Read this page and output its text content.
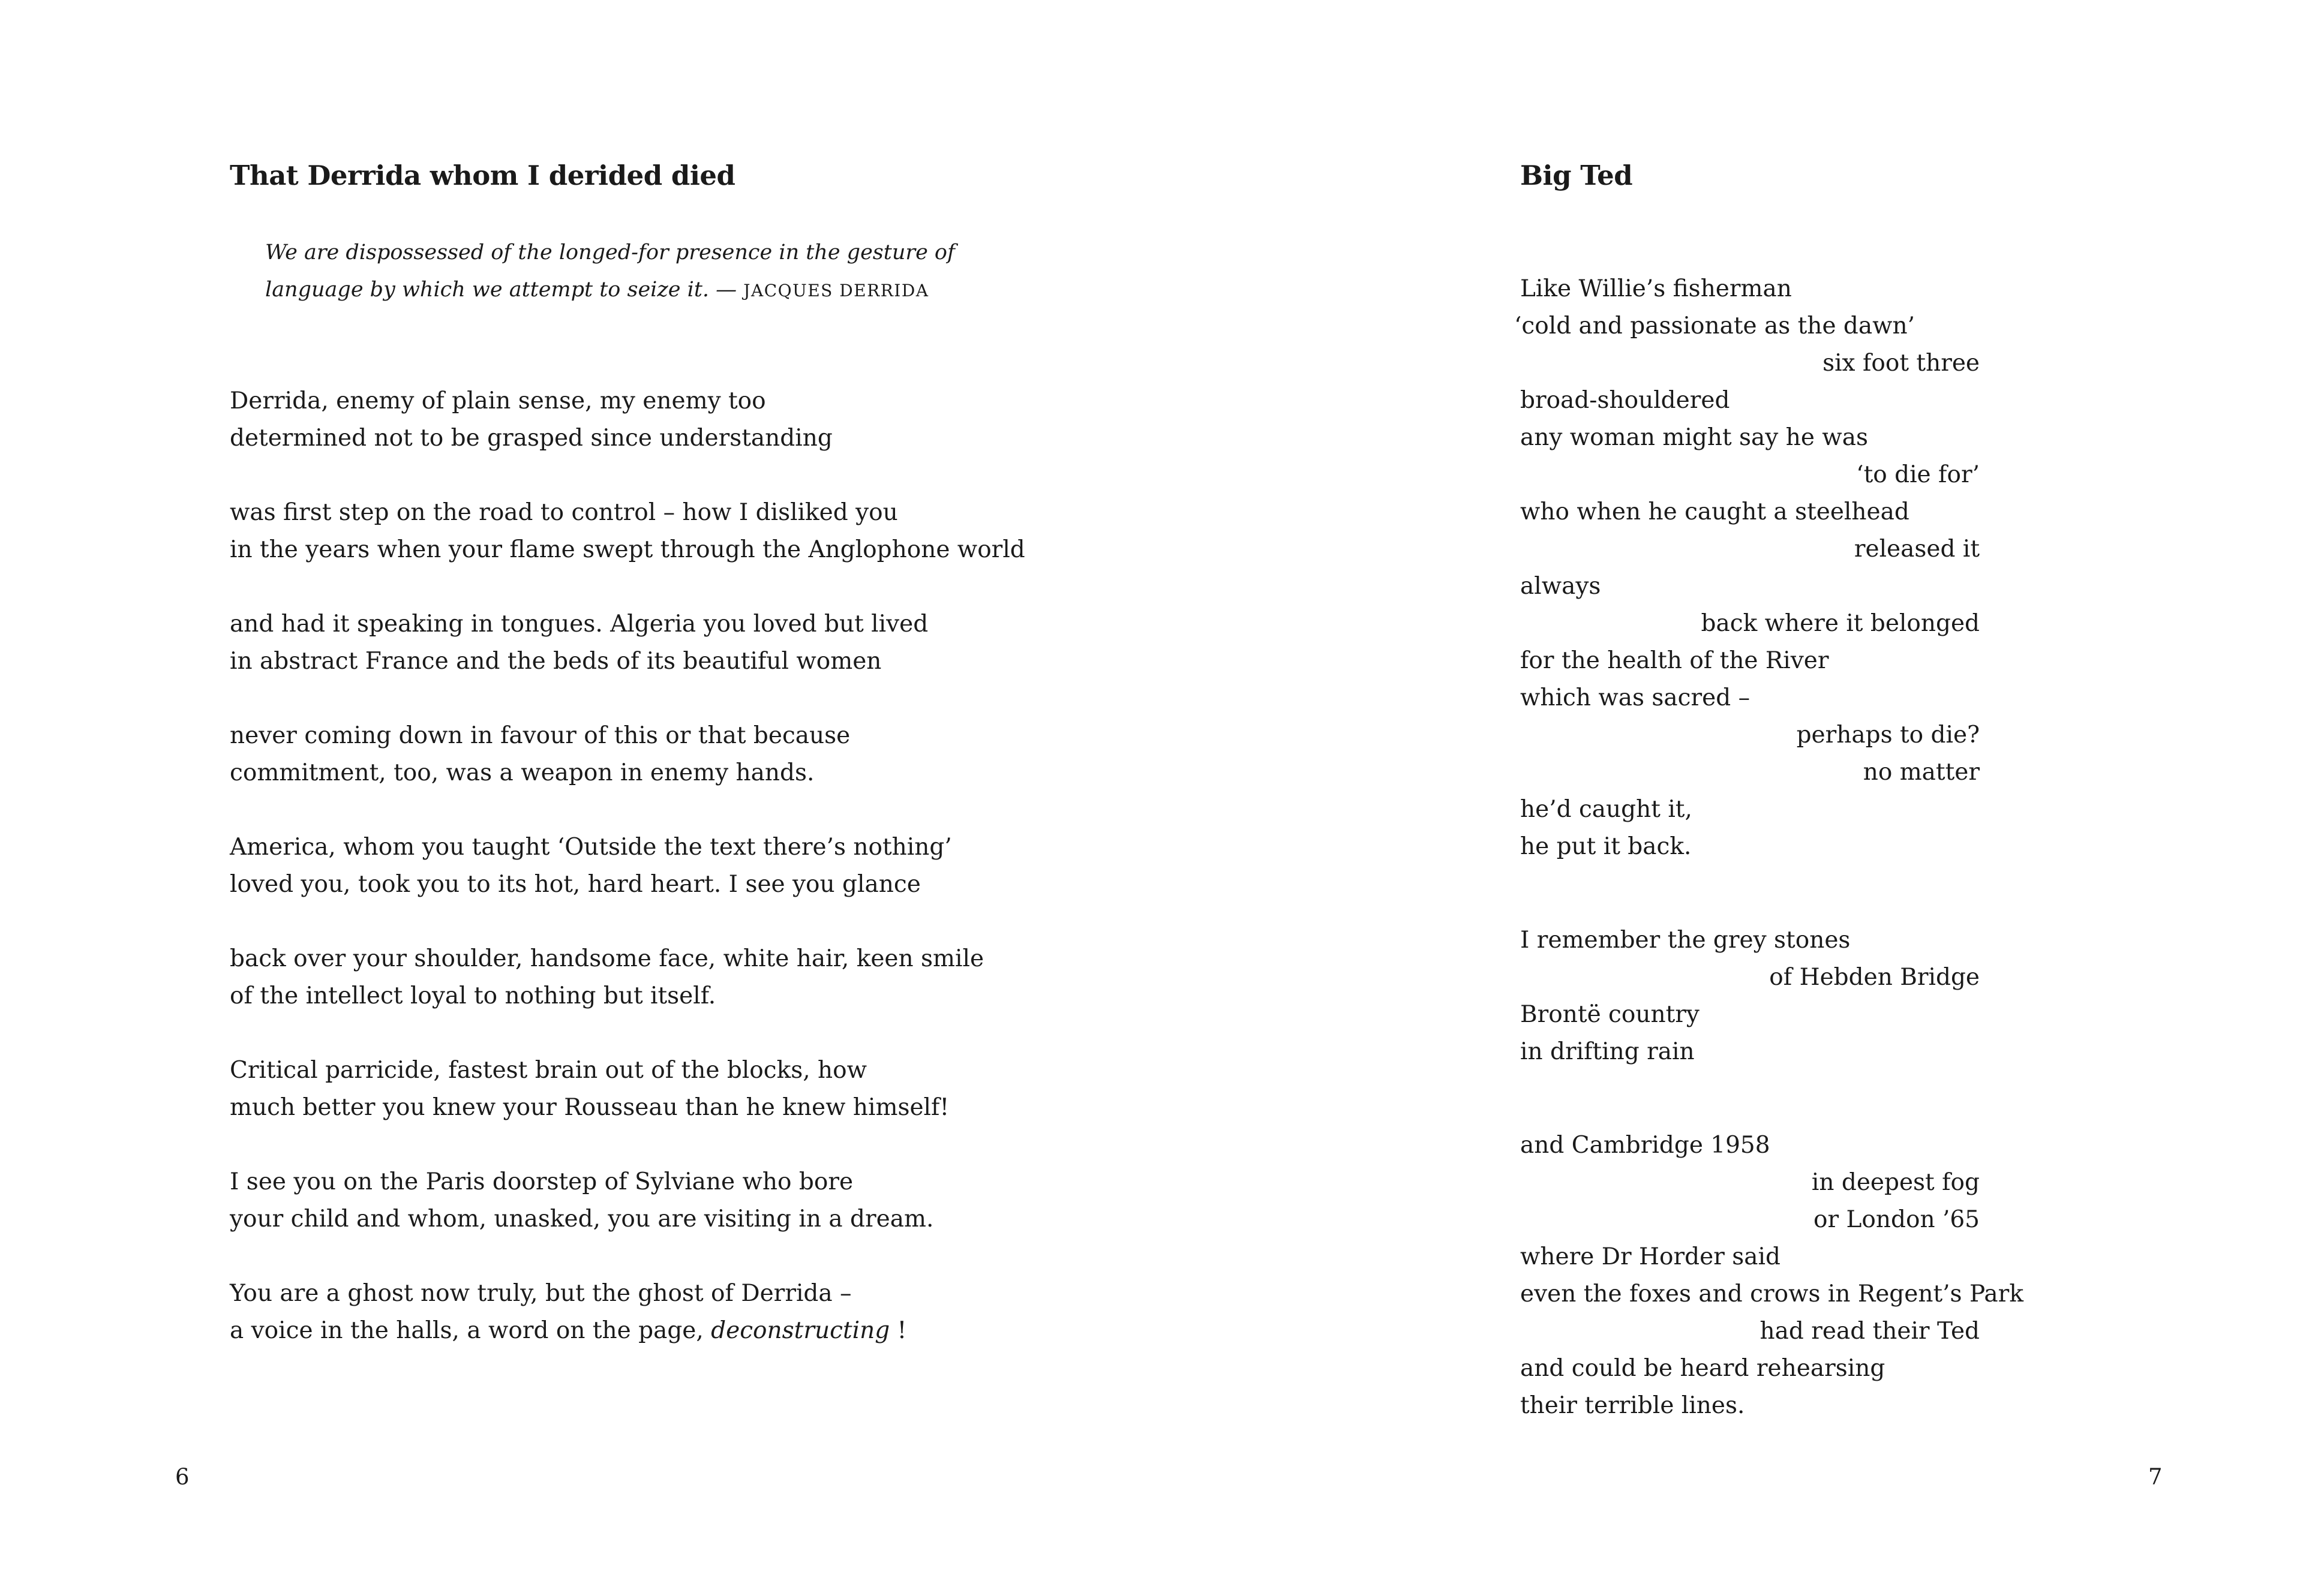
That Derrida whom I derided died
We are dispossessed of the longed-for presence in the gesture of
language by which we attempt to seize it. — JACQUES DERRIDA
Derrida, enemy of plain sense, my enemy too
determined not to be grasped since understanding
was first step on the road to control – how I disliked you
in the years when your flame swept through the Anglophone world
and had it speaking in tongues. Algeria you loved but lived
in abstract France and the beds of its beautiful women
never coming down in favour of this or that because
commitment, too, was a weapon in enemy hands.
America, whom you taught ‘Outside the text there’s nothing’
loved you, took you to its hot, hard heart. I see you glance
back over your shoulder, handsome face, white hair, keen smile
of the intellect loyal to nothing but itself.
Critical parricide, fastest brain out of the blocks, how
much better you knew your Rousseau than he knew himself!
I see you on the Paris doorstep of Sylviane who bore
your child and whom, unasked, you are visiting in a dream.
You are a ghost now truly, but the ghost of Derrida –
a voice in the halls, a word on the page, deconstructing !
6
Big Ted
Like Willie’s fisherman
‘cold and passionate as the dawn’
six foot three
broad-shouldered
any woman might say he was
‘to die for’
who when he caught a steelhead
released it
always
back where it belonged
for the health of the River
which was sacred –
perhaps to die?
no matter
he’d caught it,
he put it back.
I remember the grey stones
of Hebden Bridge
Brontë country
in drifting rain
and Cambridge 1958
in deepest fog
or London ’65
where Dr Horder said
even the foxes and crows in Regent’s Park
had read their Ted
and could be heard rehearsing
their terrible lines.
7
